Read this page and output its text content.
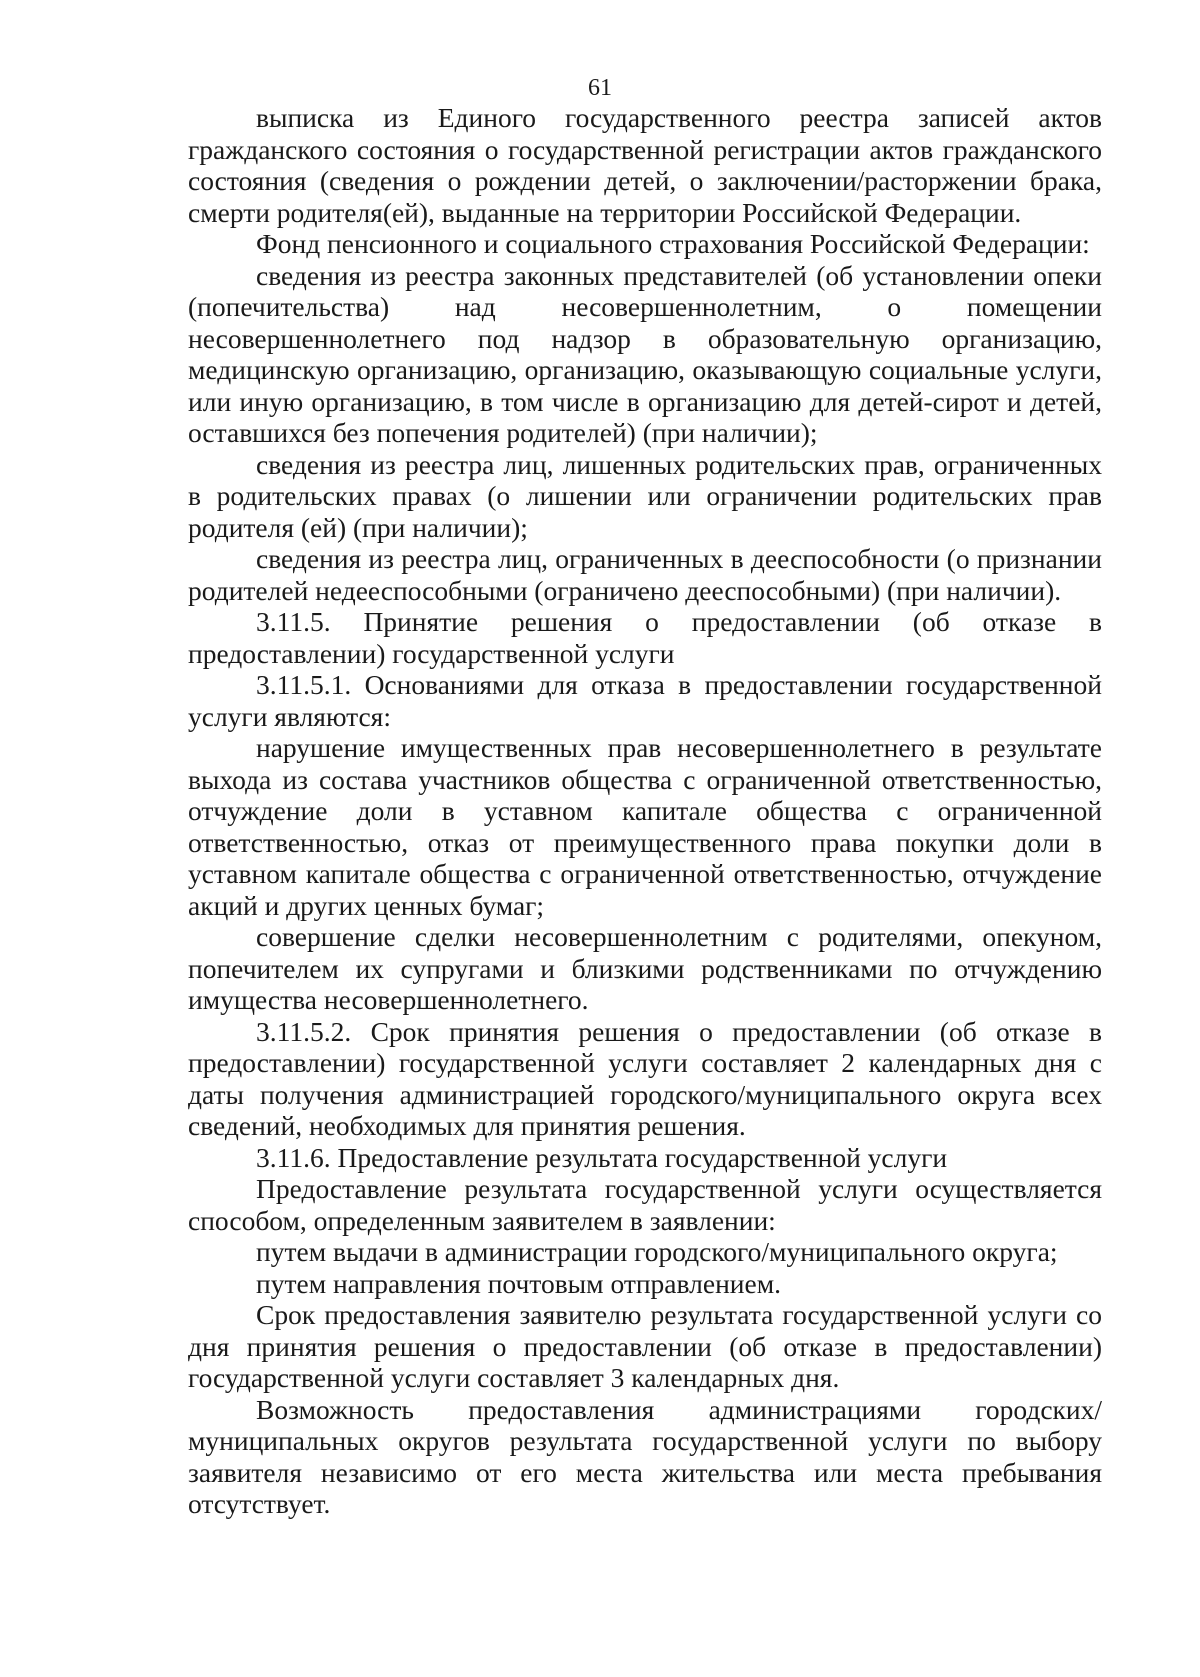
61

выписка из Единого государственного реестра записей актов гражданского состояния о государственной регистрации актов гражданского состояния (сведения о рождении детей, о заключении/расторжении брака, смерти родителя(ей), выданные на территории Российской Федерации.

Фонд пенсионного и социального страхования Российской Федерации:

сведения из реестра законных представителей (об установлении опеки (попечительства) над несовершеннолетним, о помещении несовершеннолетнего под надзор в образовательную организацию, медицинскую организацию, организацию, оказывающую социальные услуги, или иную организацию, в том числе в организацию для детей-сирот и детей, оставшихся без попечения родителей) (при наличии);

сведения из реестра лиц, лишенных родительских прав, ограниченных в родительских правах (о лишении или ограничении родительских прав родителя (ей) (при наличии);

сведения из реестра лиц, ограниченных в дееспособности (о признании родителей недееспособными (ограничено дееспособными) (при наличии).

3.11.5. Принятие решения о предоставлении (об отказе в предоставлении) государственной услуги

3.11.5.1. Основаниями для отказа в предоставлении государственной услуги являются:

нарушение имущественных прав несовершеннолетнего в результате выхода из состава участников общества с ограниченной ответственностью, отчуждение доли в уставном капитале общества с ограниченной ответственностью, отказ от преимущественного права покупки доли в уставном капитале общества с ограниченной ответственностью, отчуждение акций и других ценных бумаг;

совершение сделки несовершеннолетним с родителями, опекуном, попечителем их супругами и близкими родственниками по отчуждению имущества несовершеннолетнего.

3.11.5.2. Срок принятия решения о предоставлении (об отказе в предоставлении) государственной услуги составляет 2 календарных дня с даты получения администрацией городского/муниципального округа всех сведений, необходимых для принятия решения.

3.11.6. Предоставление результата государственной услуги

Предоставление результата государственной услуги осуществляется способом, определенным заявителем в заявлении:

путем выдачи в администрации городского/муниципального округа;

путем направления почтовым отправлением.

Срок предоставления заявителю результата государственной услуги со дня принятия решения о предоставлении (об отказе в предоставлении) государственной услуги составляет 3 календарных дня.

Возможность предоставления администрациями городских/муниципальных округов результата государственной услуги по выбору заявителя независимо от его места жительства или места пребывания отсутствует.
